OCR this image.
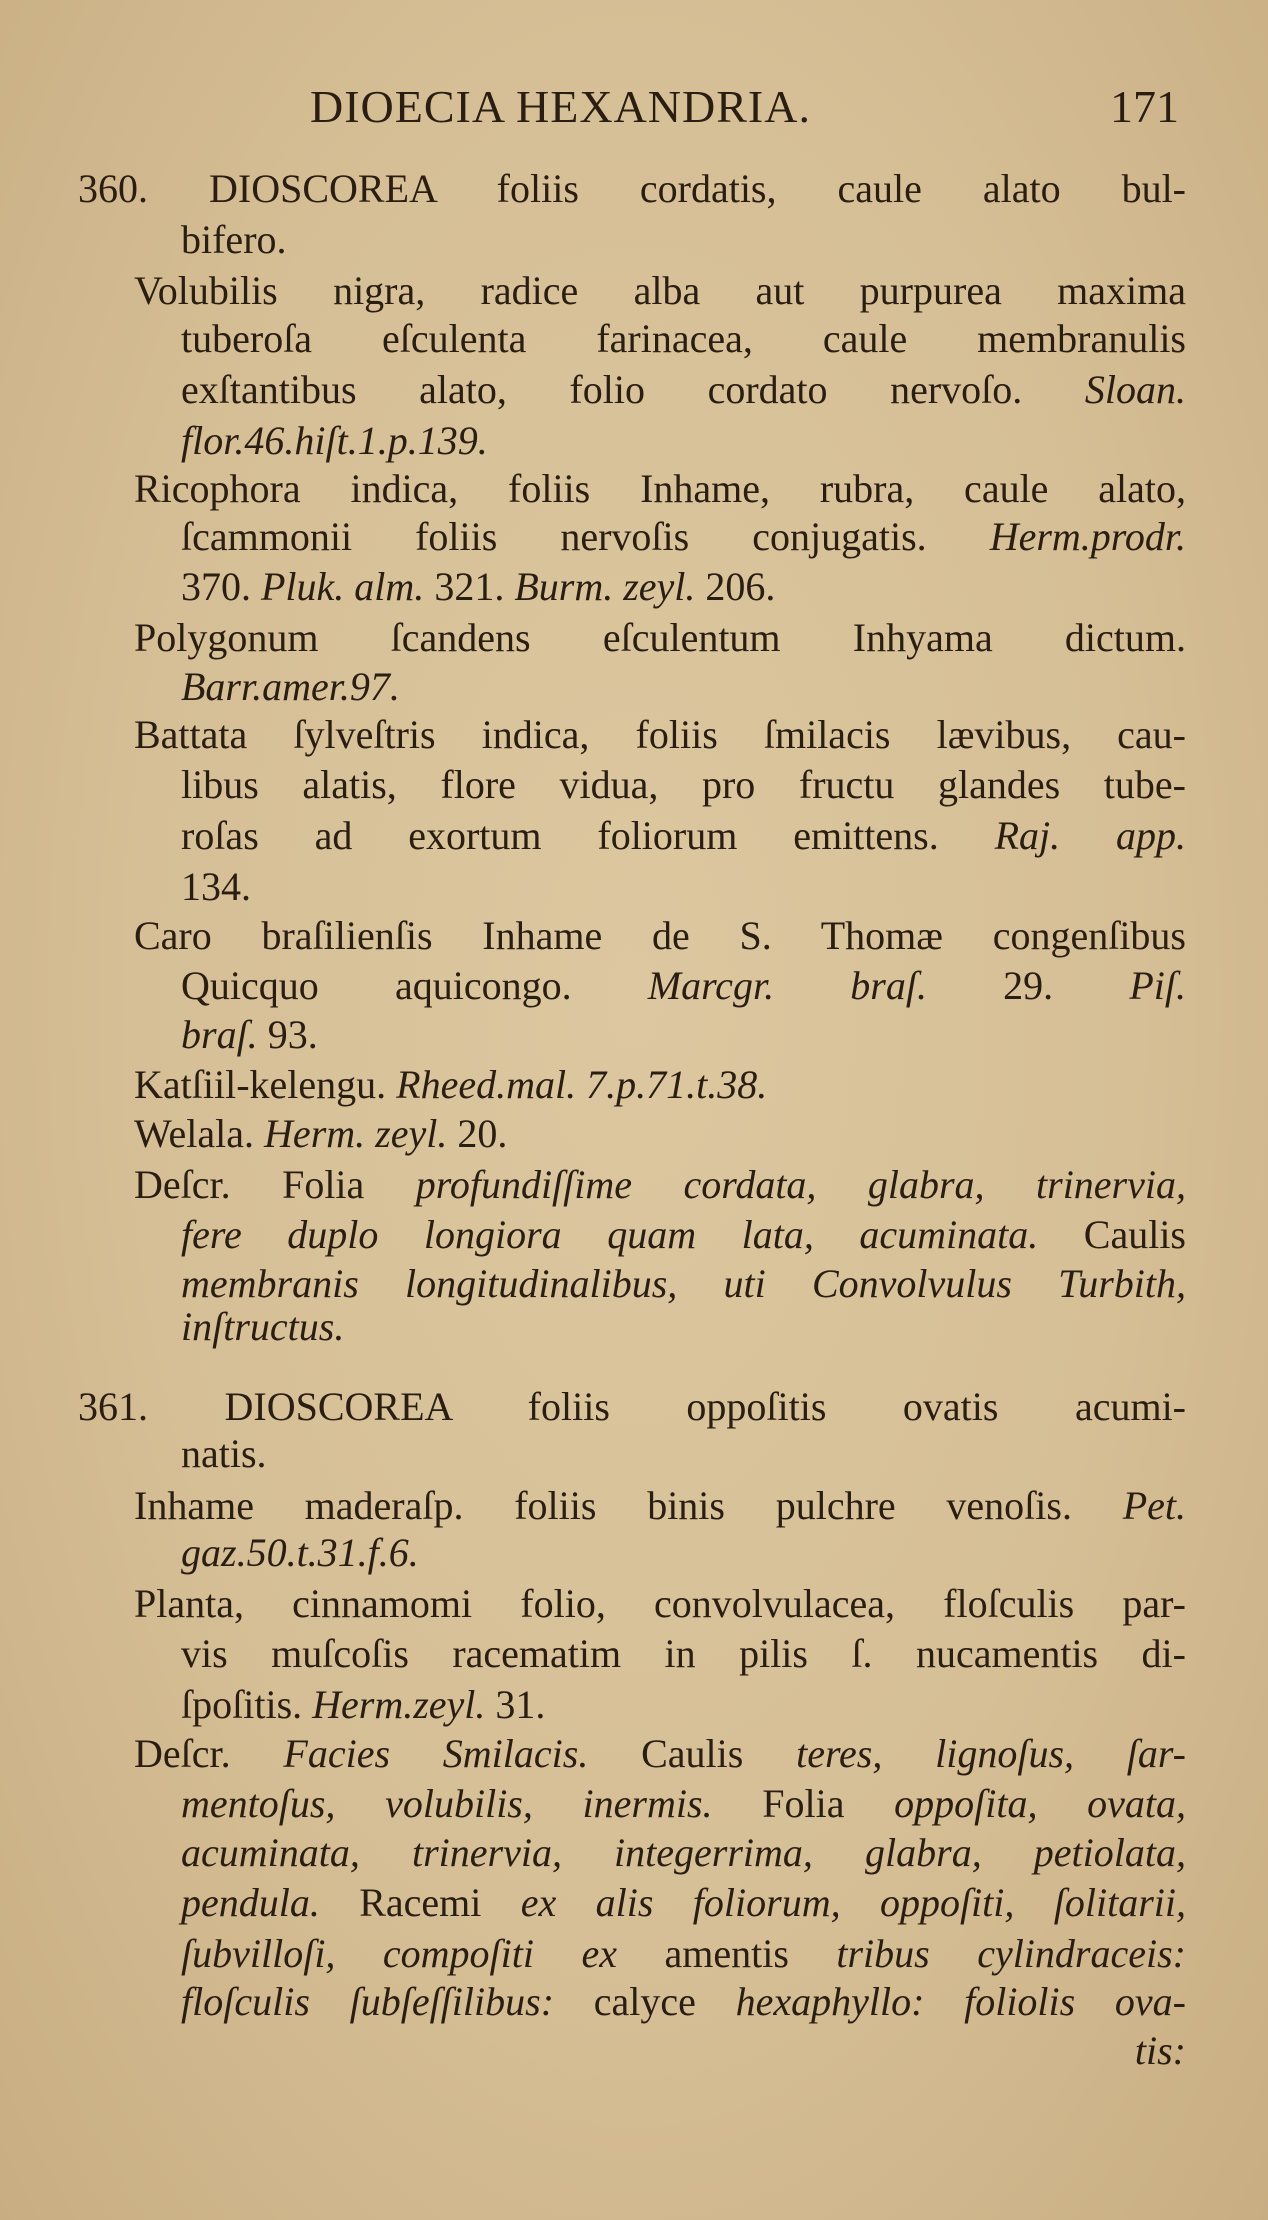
DIOECIA HEXANDRIA.	171
360. DIOSCOREA foliis cordatis, caule alato bul-
bifero.
Volubilis nigra, radice alba aut purpurea maxima
tuberoſa eſculenta farinacea, caule membranulis
exſtantibus alato, folio cordato nervoſo. Sloan.
flor.46.hiſt.1.p.139.
Ricophora indica, foliis Inhame, rubra, caule alato,
ſcammonii foliis nervoſis conjugatis. Herm.prodr.
370. Pluk. alm. 321. Burm. zeyl. 206.
Polygonum ſcandens eſculentum Inhyama dictum.
Barr.amer.97.
Battata ſylveſtris indica, foliis ſmilacis lævibus, cau-
libus alatis, flore vidua, pro fructu glandes tube-
roſas ad exortum foliorum emittens. Raj. app.
134.
Caro braſilienſis Inhame de S. Thomæ congenſibus
Quicquo aquicongo. Marcgr. braſ. 29. Piſ.
braſ. 93.
Katſiil-kelengu. Rheed.mal. 7.p.71.t.38.
Welala. Herm. zeyl. 20.
Deſcr. Folia profundiſſime cordata, glabra, trinervia,
fere duplo longiora quam lata, acuminata. Caulis
membranis longitudinalibus, uti Convolvulus Turbith,
inſtructus.
361. DIOSCOREA foliis oppoſitis ovatis acumi-
natis.
Inhame maderaſp. foliis binis pulchre venoſis. Pet.
gaz.50.t.31.f.6.
Planta, cinnamomi folio, convolvulacea, floſculis par-
vis muſcoſis racematim in pilis ſ. nucamentis di-
ſpoſitis. Herm.zeyl. 31.
Deſcr. Facies Smilacis. Caulis teres, lignoſus, ſar-
mentoſus, volubilis, inermis. Folia oppoſita, ovata,
acuminata, trinervia, integerrima, glabra, petiolata,
pendula. Racemi ex alis foliorum, oppoſiti, ſolitarii,
ſubvilloſi, compoſiti ex amentis tribus cylindraceis:
floſculis ſubſeſſilibus: calyce hexaphyllo: foliolis ova-
tis:
